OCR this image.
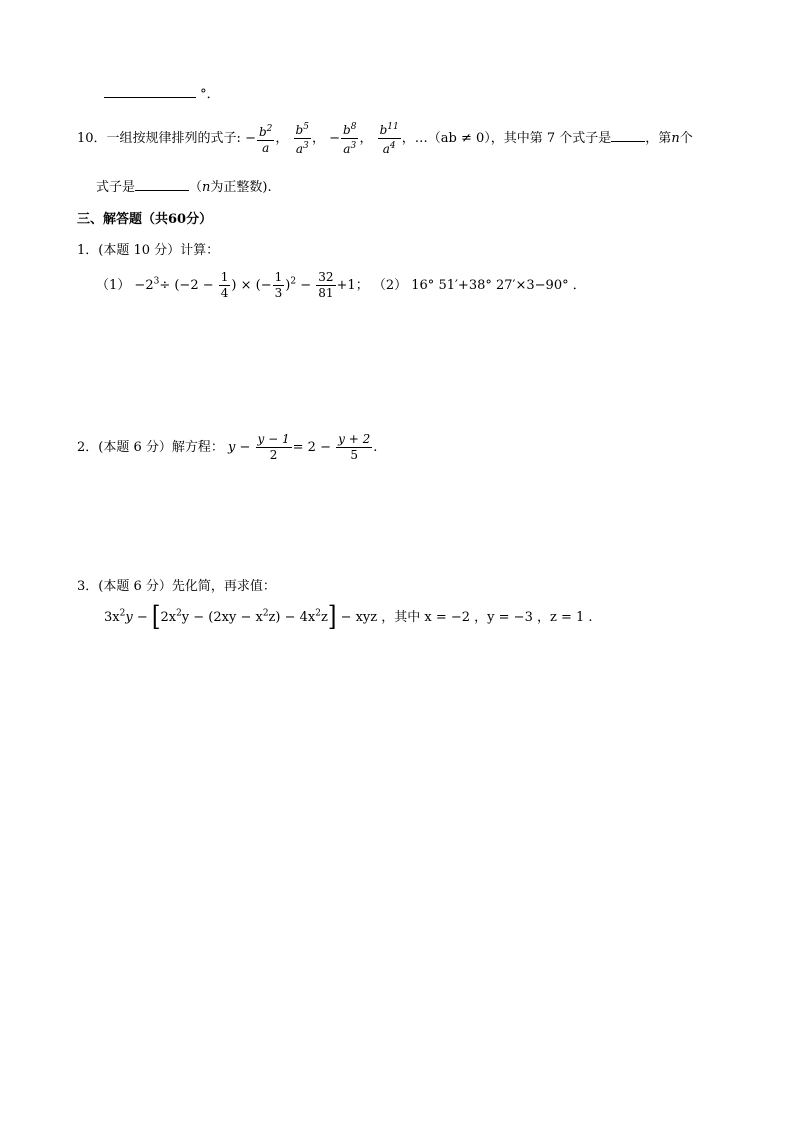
°．
10．一组按规律排列的式子: − $\frac{b^2}{a}$ ， $\frac{b^5}{a^3}$ ， − $\frac{b^8}{a^3}$ ， $\frac{b^{11}}{a^4}$ ，…（ab ≠ 0），其中第 7 个式子是	，第n个
式子是	（n为正整数).
三、解答题（共60分）
1．(本题 10 分）计算：
$(1) -2^3\div (-2 - \frac{1}{4}$ ) × (− $\frac{1}{3} )^2 - \frac{32}{81} +1$； （2） 16° 51′+38° 27′×3−90° ．
2．(本题 6 分）解方程： $y - \frac{y - 1}{2} = 2 - \frac{y + 2}{5}$ .
3．(本题 6 分）先化简，再求值：
$3x^2y - [2x^2y - (2xy - x^2z) - 4x^2z]$ − xyz ，其中 x = −2 ，y = −3 ，z = 1 .
